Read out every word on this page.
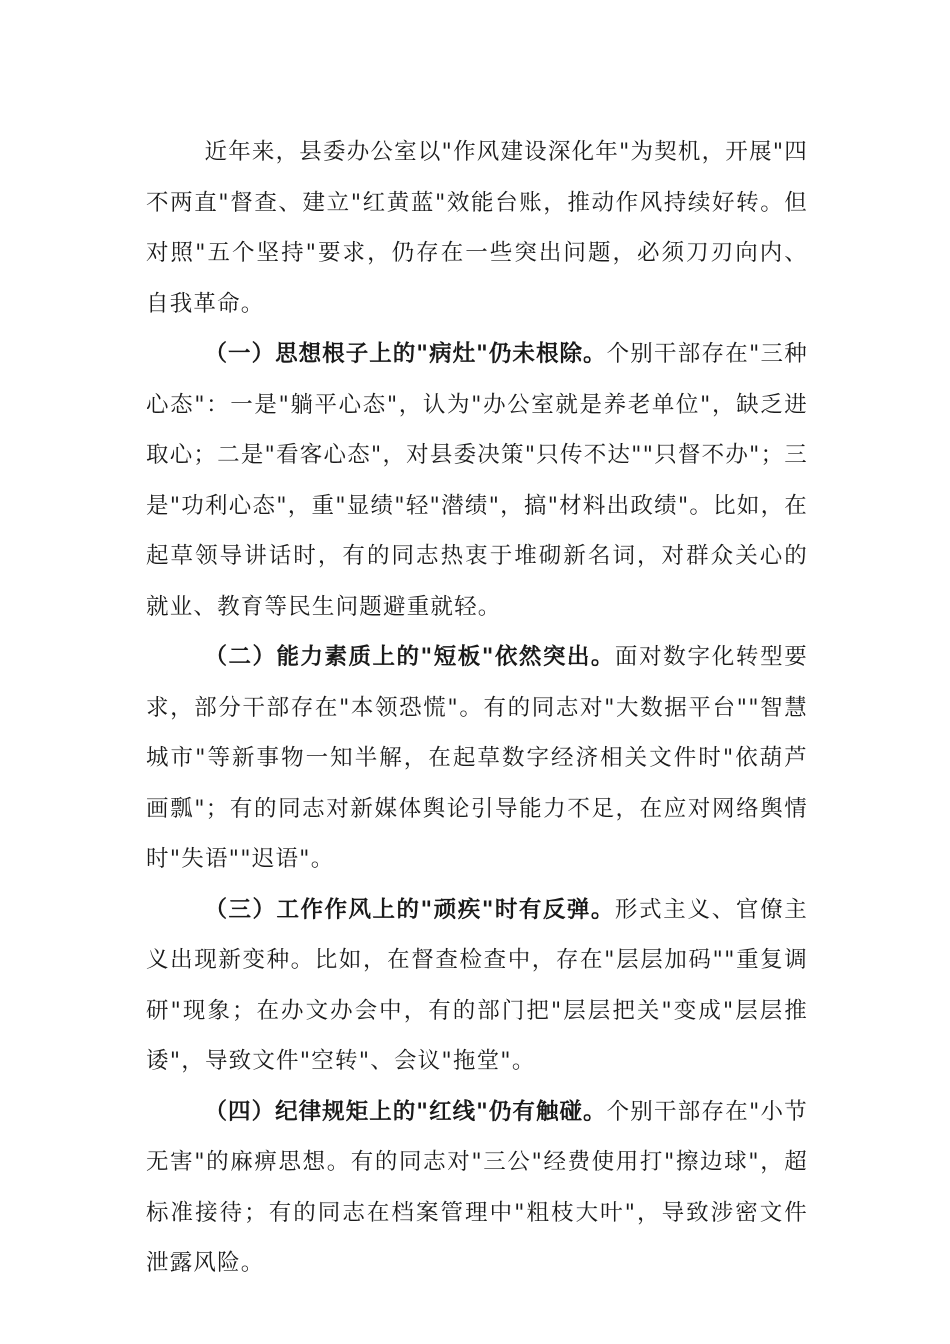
近年来，县委办公室以"作风建设深化年"为契机，开展"四不两直"督查、建立"红黄蓝"效能台账，推动作风持续好转。但对照"五个坚持"要求，仍存在一些突出问题，必须刀刃向内、自我革命。

（一）思想根子上的"病灶"仍未根除。个别干部存在"三种心态"：一是"躺平心态"，认为"办公室就是养老单位"，缺乏进取心；二是"看客心态"，对县委决策"只传不达""只督不办"；三是"功利心态"，重"显绩"轻"潜绩"，搞"材料出政绩"。比如，在起草领导讲话时，有的同志热衷于堆砌新名词，对群众关心的就业、教育等民生问题避重就轻。

（二）能力素质上的"短板"依然突出。面对数字化转型要求，部分干部存在"本领恐慌"。有的同志对"大数据平台""智慧城市"等新事物一知半解，在起草数字经济相关文件时"依葫芦画瓢"；有的同志对新媒体舆论引导能力不足，在应对网络舆情时"失语""迟语"。

（三）工作作风上的"顽疾"时有反弹。形式主义、官僚主义出现新变种。比如，在督查检查中，存在"层层加码""重复调研"现象；在办文办会中，有的部门把"层层把关"变成"层层推诿"，导致文件"空转"、会议"拖堂"。

（四）纪律规矩上的"红线"仍有触碰。个别干部存在"小节无害"的麻痹思想。有的同志对"三公"经费使用打"擦边球"，超标准接待；有的同志在档案管理中"粗枝大叶"，导致涉密文件泄露风险。
